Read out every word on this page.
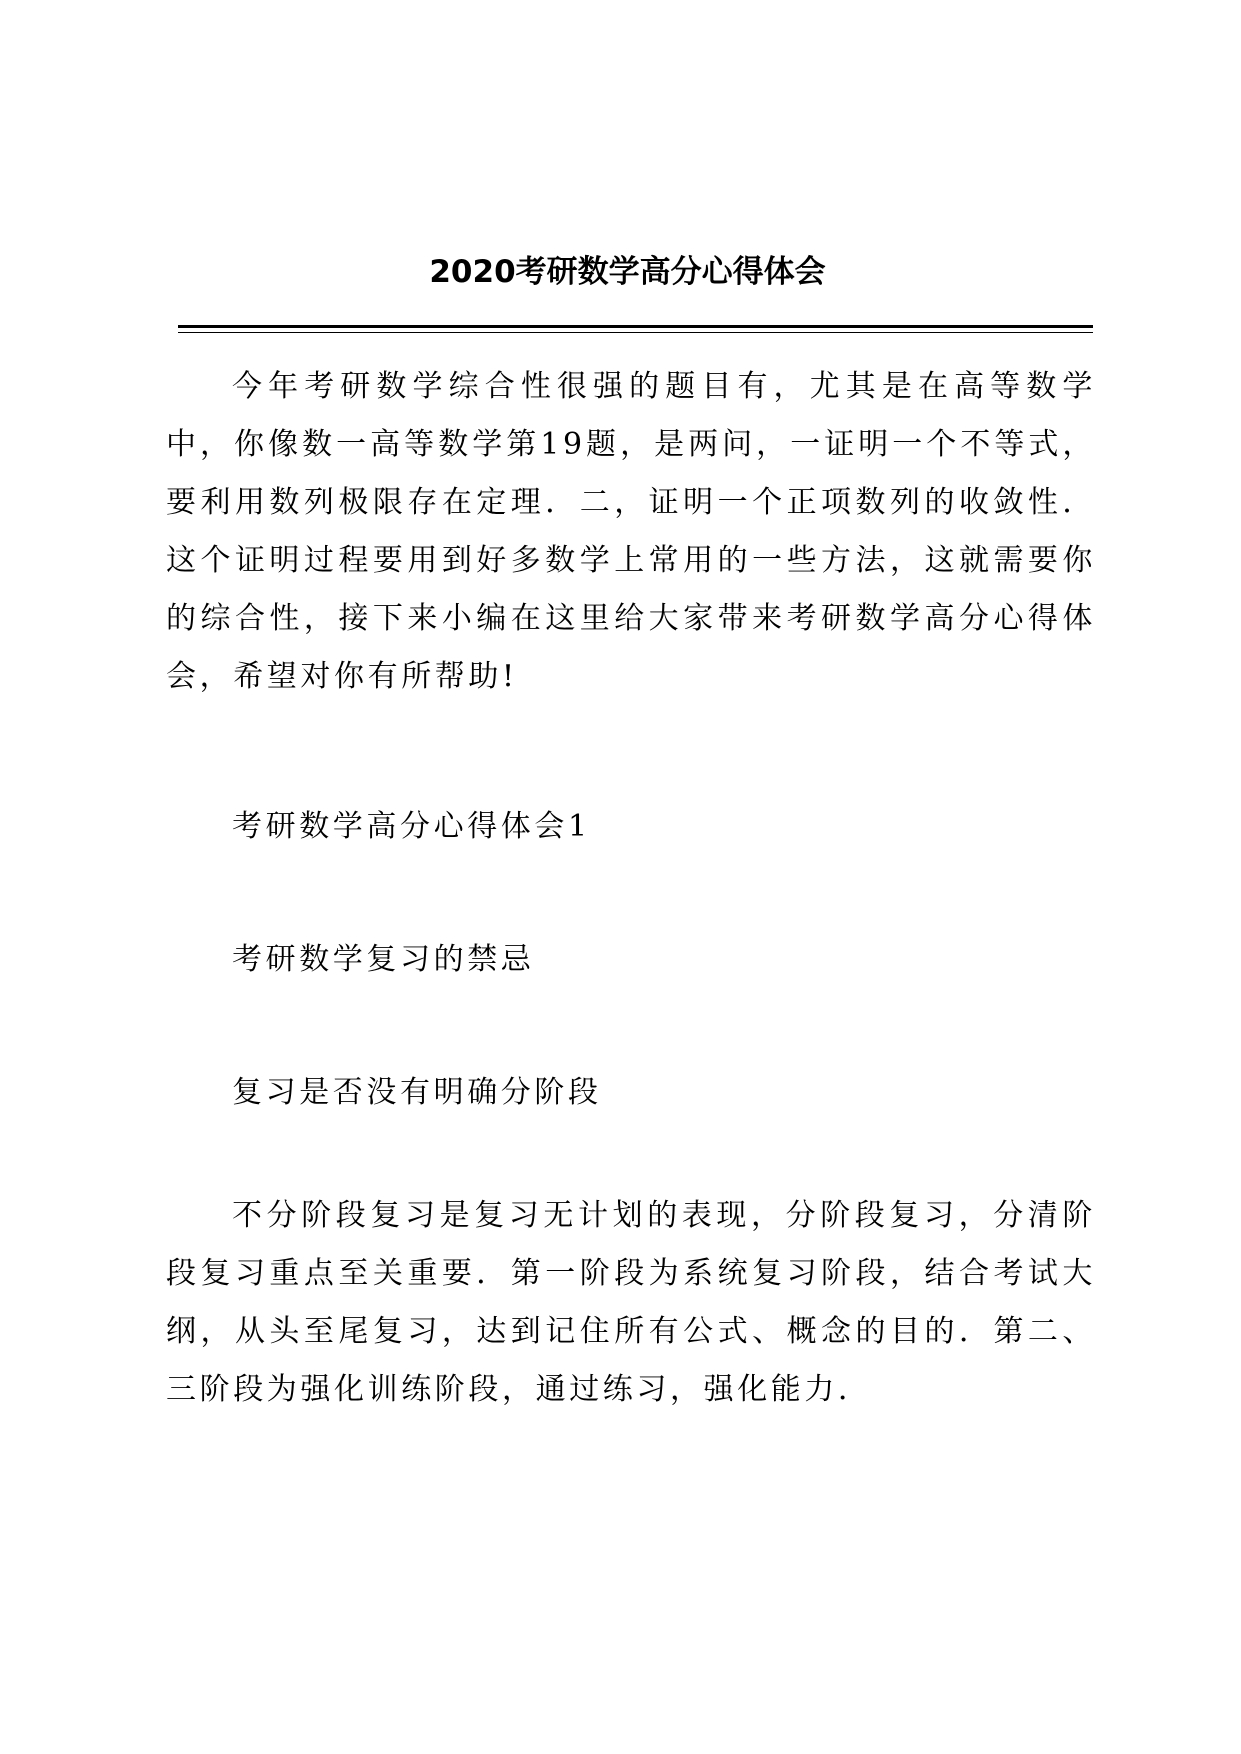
2020考研数学高分心得体会

今年考研数学综合性很强的题目有，尤其是在高等数学中，你像数一高等数学第19题，是两问，一证明一个不等式，要利用数列极限存在定理．二，证明一个正项数列的收敛性．这个证明过程要用到好多数学上常用的一些方法，这就需要你的综合性，接下来小编在这里给大家带来考研数学高分心得体会，希望对你有所帮助!

考研数学高分心得体会1

考研数学复习的禁忌

复习是否没有明确分阶段

不分阶段复习是复习无计划的表现，分阶段复习，分清阶段复习重点至关重要．第一阶段为系统复习阶段，结合考试大纲，从头至尾复习，达到记住所有公式、概念的目的．第二、三阶段为强化训练阶段，通过练习，强化能力．
